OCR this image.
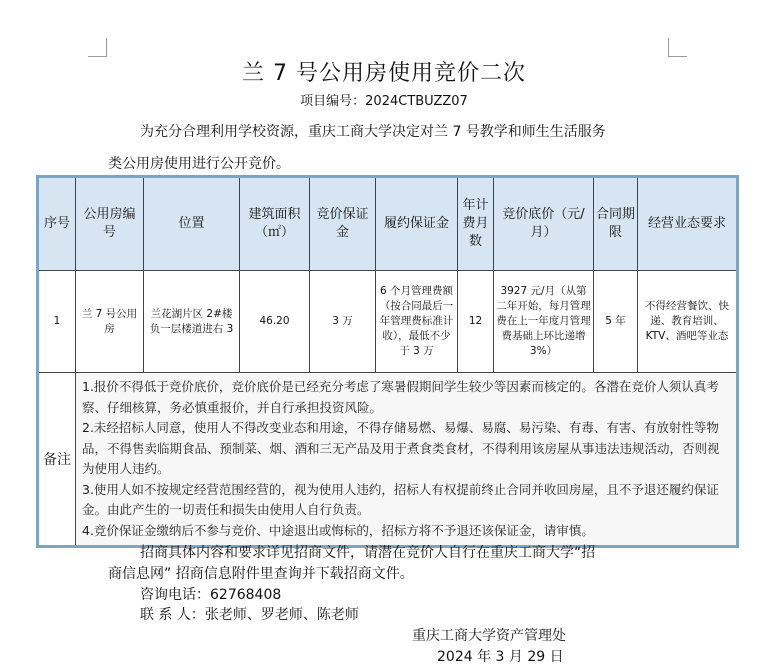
兰 7 号公用房使用竞价二次
项目编号：2024CTBUZZ07
为充分合理利用学校资源，重庆工商大学决定对兰 7 号教学和师生生活服务
类公用房使用进行公开竞价。
序号	公用房编号	位置	建筑面积（㎡）	竞价保证金	履约保证金	年计费月数	竞价底价（元/月）	合同期限	经营业态要求
1	兰 7 号公用房	兰花湖片区 2#楼负一层楼道进右 3	46.20	3 万	6 个月管理费额（按合同最后一年管理费标准计收），最低不少于 3 万	12	3927 元/月（从第二年开始，每月管理费在上一年度月管理费基础上环比递增 3%）	5 年	不得经营餐饮、快递、教育培训、KTV、酒吧等业态
备注	1.报价不得低于竞价底价，竞价底价是已经充分考虑了寒暑假期间学生较少等因素而核定的。各潜在竞价人须认真考察、仔细核算，务必慎重报价，并自行承担投资风险。
2.未经招标人同意，使用人不得改变业态和用途，不得存储易燃、易爆、易腐、易污染、有毒、有害、有放射性等物品，不得售卖临期食品、预制菜、烟、酒和三无产品及用于煮食类食材，不得利用该房屋从事违法违规活动，否则视为使用人违约。
3.使用人如不按规定经营范围经营的，视为使用人违约，招标人有权提前终止合同并收回房屋，且不予退还履约保证金。由此产生的一切责任和损失由使用人自行负责。
4.竞价保证金缴纳后不参与竞价、中途退出或悔标的，招标方将不予退还该保证金，请审慎。								
招商具体内容和要求详见招商文件，请潜在竞价人自行在重庆工商大学“招
商信息网” 招商信息附件里查询并下载招商文件。
咨询电话：62768408
联 系 人：张老师、罗老师、陈老师
重庆工商大学资产管理处
2024 年 3 月 29 日
